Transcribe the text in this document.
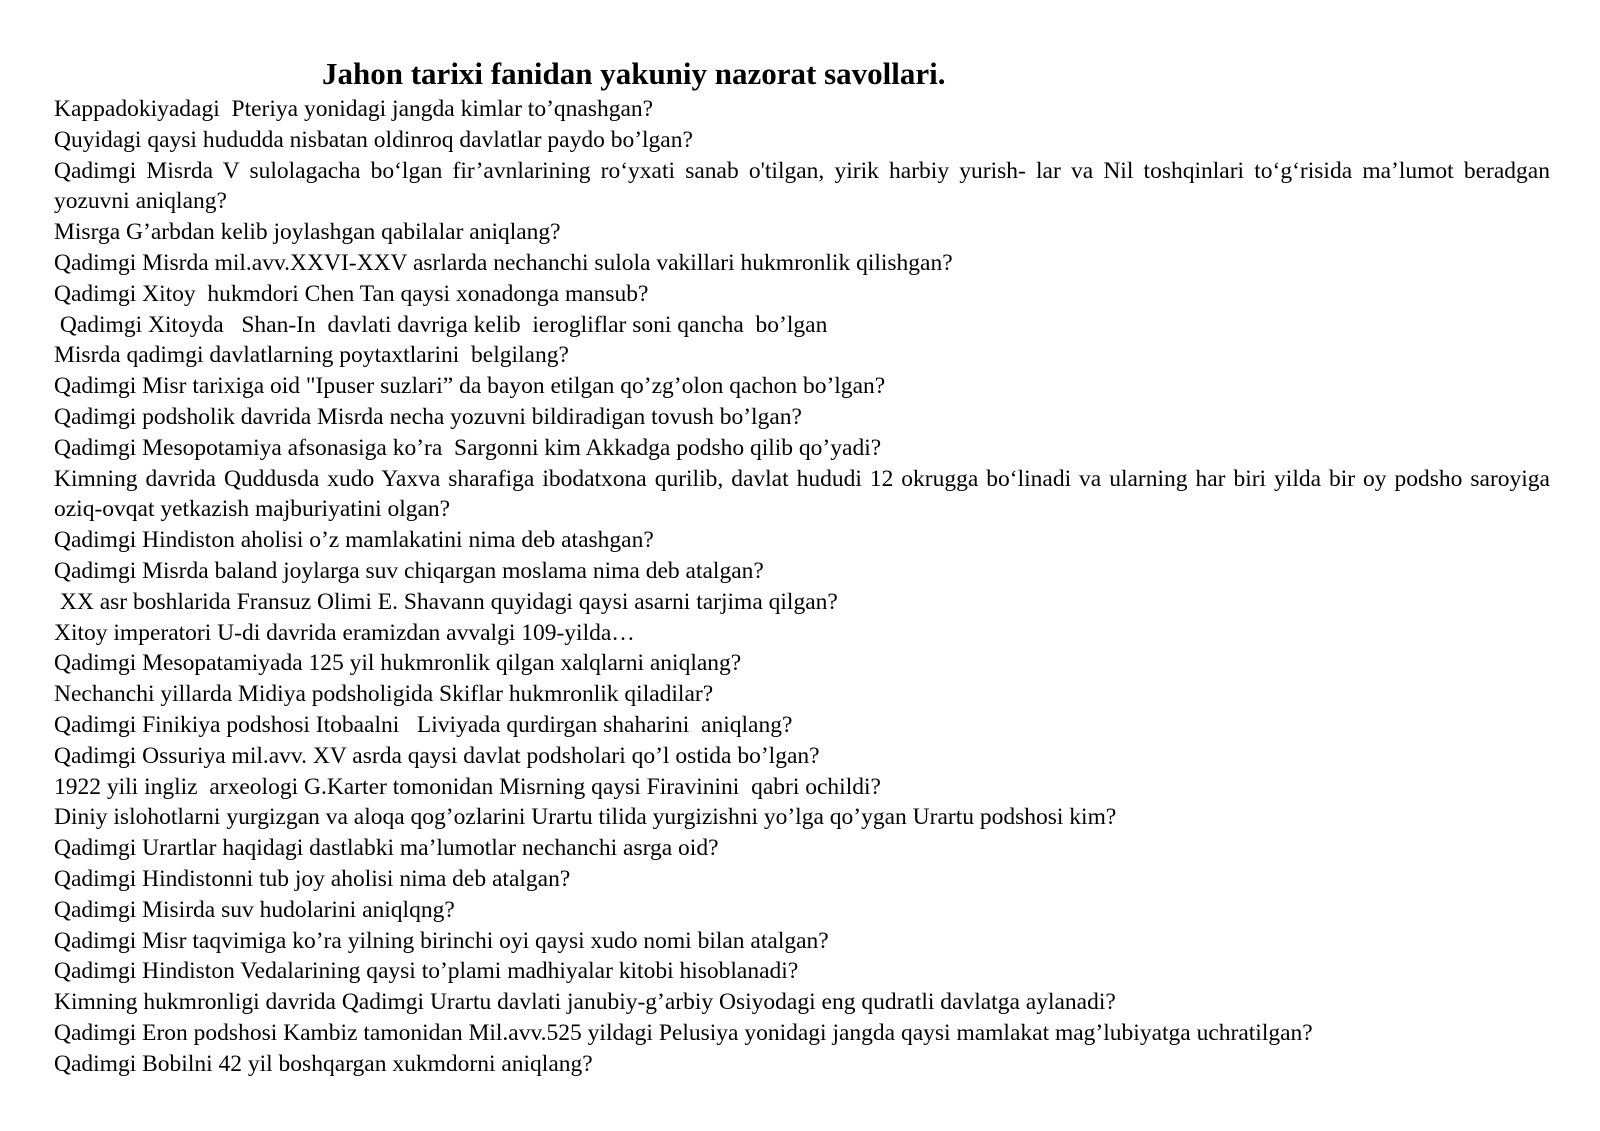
Jahon tarixi fanidan yakuniy nazorat savollari.
Kappadokiyadagi  Pteriya yonidagi jangda kimlar to’qnashgan?
Quyidagi qaysi hududda nisbatan oldinroq davlatlar paydo bo’lgan?
Qadimgi Misrda V sulolagacha bo‘lgan fir’avnlarining ro‘yxati sanab o'tilgan, yirik harbiy yurish- lar va Nil toshqinlari to‘g‘risida ma’lumot beradgan yozuvni aniqlang?
Misrga G’arbdan kelib joylashgan qabilalar aniqlang?
Qadimgi Misrda mil.avv.XXVI-XXV asrlarda nechanchi sulola vakillari hukmronlik qilishgan?
Qadimgi Xitoy  hukmdori Chen Tan qaysi xonadonga mansub?
Qadimgi Xitoyda   Shan-In  davlati davriga kelib  ierogliflar soni qancha  bo’lgan
Misrda qadimgi davlatlarning poytaxtlarini  belgilang?
Qadimgi Misr tarixiga oid "Ipuser suzlari” da bayon etilgan qo’zg’olon qachon bo’lgan?
Qadimgi podsholik davrida Misrda necha yozuvni bildiradigan tovush bo’lgan?
Qadimgi Mesopotamiya afsonasiga ko’ra  Sargonni kim Akkadga podsho qilib qo’yadi?
Kimning davrida Quddusda xudo Yaxva sharafiga ibodatxona qurilib, davlat hududi 12 okrugga bo‘linadi va ularning har biri yilda bir oy podsho saroyiga oziq-ovqat yetkazish majburiyatini olgan?
Qadimgi Hindiston aholisi o’z mamlakatini nima deb atashgan?
Qadimgi Misrda baland joylarga suv chiqargan moslama nima deb atalgan?
XX asr boshlarida Fransuz Olimi E. Shavann quyidagi qaysi asarni tarjima qilgan?
Xitoy imperatori U-di davrida eramizdan avvalgi 109-yilda…
Qadimgi Mesopatamiyada 125 yil hukmronlik qilgan xalqlarni aniqlang?
Nechanchi yillarda Midiya podsholigida Skiflar hukmronlik qiladilar?
Qadimgi Finikiya podshosi Itobaalni   Liviyada qurdirgan shaharini  aniqlang?
Qadimgi Ossuriya mil.avv. XV asrda qaysi davlat podsholari qo’l ostida bo’lgan?
1922 yili ingliz  arxeologi G.Karter tomonidan Misrning qaysi Firavinini  qabri ochildi?
Diniy islohotlarni yurgizgan va aloqa qog’ozlarini Urartu tilida yurgizishni yo’lga qo’ygan Urartu podshosi kim?
Qadimgi Urartlar haqidagi dastlabki ma’lumotlar nechanchi asrga oid?
Qadimgi Hindistonni tub joy aholisi nima deb atalgan?
Qadimgi Misirda suv hudolarini aniqlqng?
Qadimgi Misr taqvimiga ko’ra yilning birinchi oyi qaysi xudo nomi bilan atalgan?
Qadimgi Hindiston Vedalarining qaysi to’plami madhiyalar kitobi hisoblanadi?
Kimning hukmronligi davrida Qadimgi Urartu davlati janubiy-g’arbiy Osiyodagi eng qudratli davlatga aylanadi?
Qadimgi Eron podshosi Kambiz tamonidan Mil.avv.525 yildagi Pelusiya yonidagi jangda qaysi mamlakat mag’lubiyatga uchratilgan?
Qadimgi Bobilni 42 yil boshqargan xukmdorni aniqlang?
